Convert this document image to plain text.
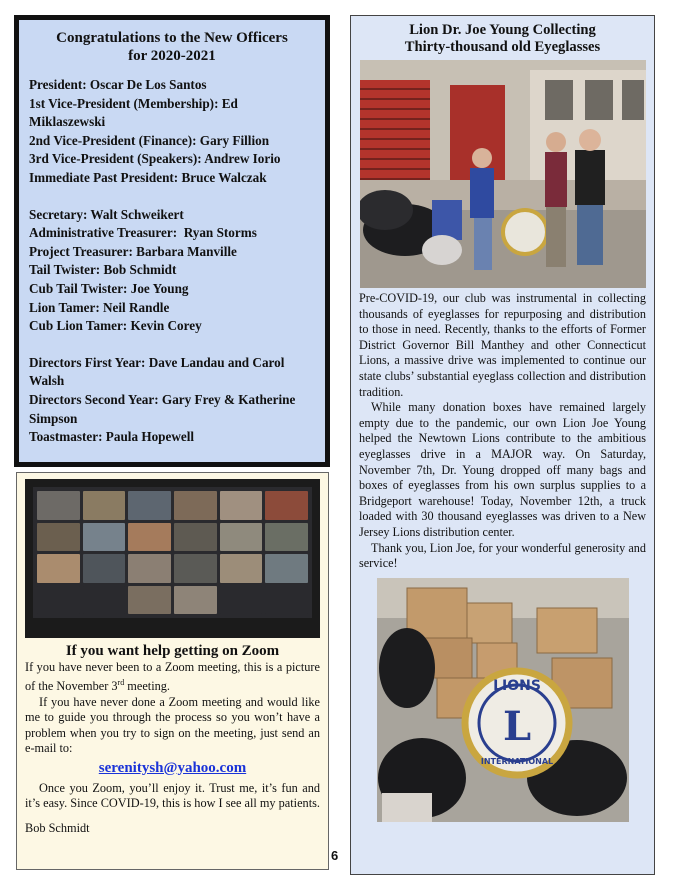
Congratulations to the New Officers
for 2020-2021
President: Oscar De Los Santos
1st Vice-President (Membership): Ed Miklaszewski
2nd Vice-President (Finance): Gary Fillion
3rd Vice-President (Speakers): Andrew Iorio
Immediate Past President: Bruce Walczak
Secretary: Walt Schweikert
Administrative Treasurer:  Ryan Storms
Project Treasurer: Barbara Manville
Tail Twister: Bob Schmidt
Cub Tail Twister: Joe Young
Lion Tamer: Neil Randle
Cub Lion Tamer: Kevin Corey
Directors First Year: Dave Landau and Carol Walsh
Directors Second Year: Gary Frey & Katherine Simpson
Toastmaster: Paula Hopewell
If you want help getting on Zoom

If you have never been to a Zoom meeting, this is a picture of the November 3rd meeting.

If you have never done a Zoom meeting and would like me to guide you through the process so you won’t have a problem when you try to sign on the meeting, just send an e-mail to:

serenitysh@yahoo.com

Once you Zoom, you’ll enjoy it. Trust me, it’s fun and it’s easy. Since COVID-19, this is how I see all my patients.

Bob Schmidt

6
Lion Dr. Joe Young Collecting
Thirty-thousand old Eyeglasses

Pre-COVID-19, our club was instrumental in collecting thousands of eyeglasses for repurposing and distribution to those in need. Recently, thanks to the efforts of Former District Governor Bill Manthey and other Connecticut Lions, a massive drive was implemented to continue our state clubs’ substantial eyeglass collection and distribution tradition.

While many donation boxes have remained largely empty due to the pandemic, our own Lion Joe Young helped the Newtown Lions contribute to the ambitious eyeglasses drive in a MAJOR way. On Saturday, November 7th, Dr. Young dropped off many bags and boxes of eyeglasses from his own surplus supplies to a Bridgeport warehouse! Today, November 12th, a truck loaded with 30 thousand eyeglasses was driven to a New Jersey Lions distribution center.

Thank you, Lion Joe, for your wonderful generosity and service!

LIONS
L
INTERNATIONAL
